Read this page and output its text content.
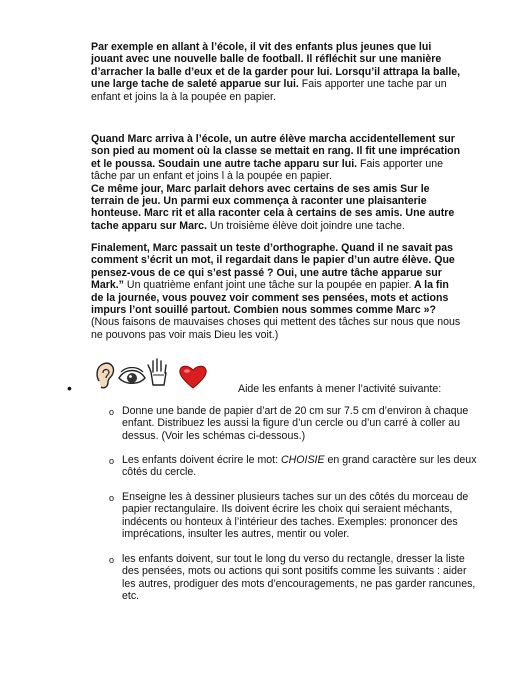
Par exemple en allant à l’école, il vit des enfants plus jeunes que lui jouant avec une nouvelle balle de football. Il réfléchit sur une manière d’arracher la balle d’eux et de la garder pour lui. Lorsqu’il attrapa la balle, une large tache de saleté apparue sur lui. Fais apporter une tache par un enfant et joins la à la poupée en papier.

Quand Marc arriva à l’école, un autre élève marcha accidentellement sur son pied au moment où la classe se mettait en rang. Il fit une imprécation et le poussa. Soudain une autre tache apparu sur lui. Fais apporter une tâche par un enfant et joins l à la poupée en papier.
Ce même jour, Marc parlait dehors avec certains de ses amis Sur le terrain de jeu. Un parmi eux commença à raconter une plaisanterie honteuse. Marc rit et alla raconter cela à certains de ses amis. Une autre tache apparu sur Marc. Un troisième élève doit joindre une tache.

Finalement, Marc passait un teste d’orthographe. Quand il ne savait pas comment s’écrit un mot, il regardait dans le papier d’un autre élève. Que pensez-vous de ce qui s’est passé ? Oui, une autre tâche apparue sur Mark.” Un quatrième enfant joint une tâche sur la poupée en papier. A la fin de la journée, vous pouvez voir comment ses pensées, mots et actions impurs l’ont souillé partout. Combien nous sommes comme Marc »? (Nous faisons de mauvaises choses qui mettent des tâches sur nous que nous ne pouvons pas voir mais Dieu les voit.)

•	Aide les enfants à mener l’activité suivante:
o Donne une bande de papier d’art de 20 cm sur 7.5 cm d’environ à chaque enfant. Distribuez les aussi la figure d’un cercle ou d’un carré à coller au dessus. (Voir les schémas ci-dessous.)
o Les enfants doivent écrire le mot: CHOISIE en grand caractère sur les deux côtés du cercle.
o Enseigne les à dessiner plusieurs taches sur un des côtés du morceau de papier rectangulaire. Ils doivent écrire les choix qui seraient méchants, indécents ou honteux à l’intérieur des taches. Exemples: prononcer des imprécations, insulter les autres, mentir ou voler.
o les enfants doivent, sur tout le long du verso du rectangle, dresser la liste des pensées, mots ou actions qui sont positifs comme les suivants : aider les autres, prodiguer des mots d’encouragements, ne pas garder rancunes, etc.
